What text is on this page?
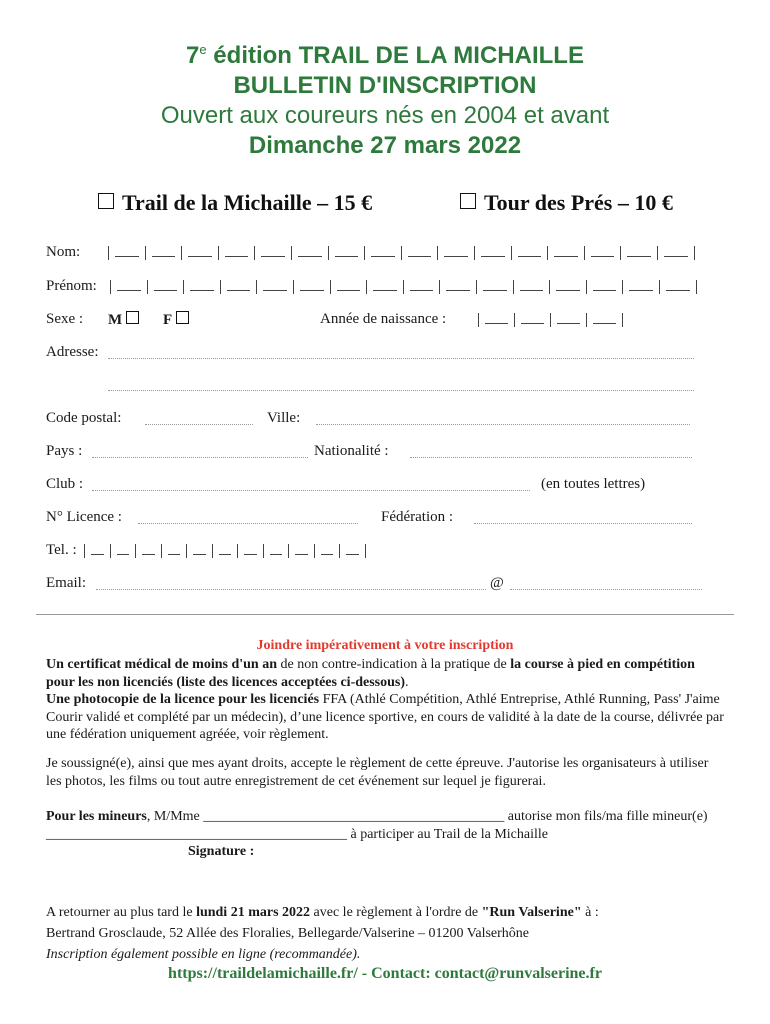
7e édition TRAIL DE LA MICHAILLE
BULLETIN D'INSCRIPTION
Ouvert aux coureurs nés en 2004 et avant
Dimanche 27 mars 2022
Trail de la Michaille – 15 €	Tour des Prés – 10 €
Nom:
Prénom:
Sexe : M	F	Année de naissance :
Adresse:
Code postal:	Ville:
Pays :	Nationalité :
Club :	(en toutes lettres)
N° Licence :	Fédération :
Tel. :
Email:	@
Joindre impérativement à votre inscription
Un certificat médical de moins d'un an de non contre-indication à la pratique de la course à pied en compétition pour les non licenciés (liste des licences acceptées ci-dessous).
Une photocopie de la licence pour les licenciés FFA (Athlé Compétition, Athlé Entreprise, Athlé Running, Pass' J'aime Courir validé et complété par un médecin), d’une licence sportive, en cours de validité à la date de la course, délivrée par une fédération uniquement agréée, voir règlement.
Je soussigné(e), ainsi que mes ayant droits, accepte le règlement de cette épreuve. J'autorise les organisateurs à utiliser les photos, les films ou tout autre enregistrement de cet événement sur lequel je figurerai.
Pour les mineurs, M/Mme ___________________________________________ autorise mon fils/ma fille mineur(e) ___________________________________________ à participer au Trail de la Michaille
Signature :
A retourner au plus tard le lundi 21 mars 2022 avec le règlement à l'ordre de "Run Valserine" à :
Bertrand Grosclaude, 52 Allée des Floralies, Bellegarde/Valserine – 01200 Valserhône
Inscription également possible en ligne (recommandée).
https://traildelamichaille.fr/ - Contact: contact@runvalserine.fr
